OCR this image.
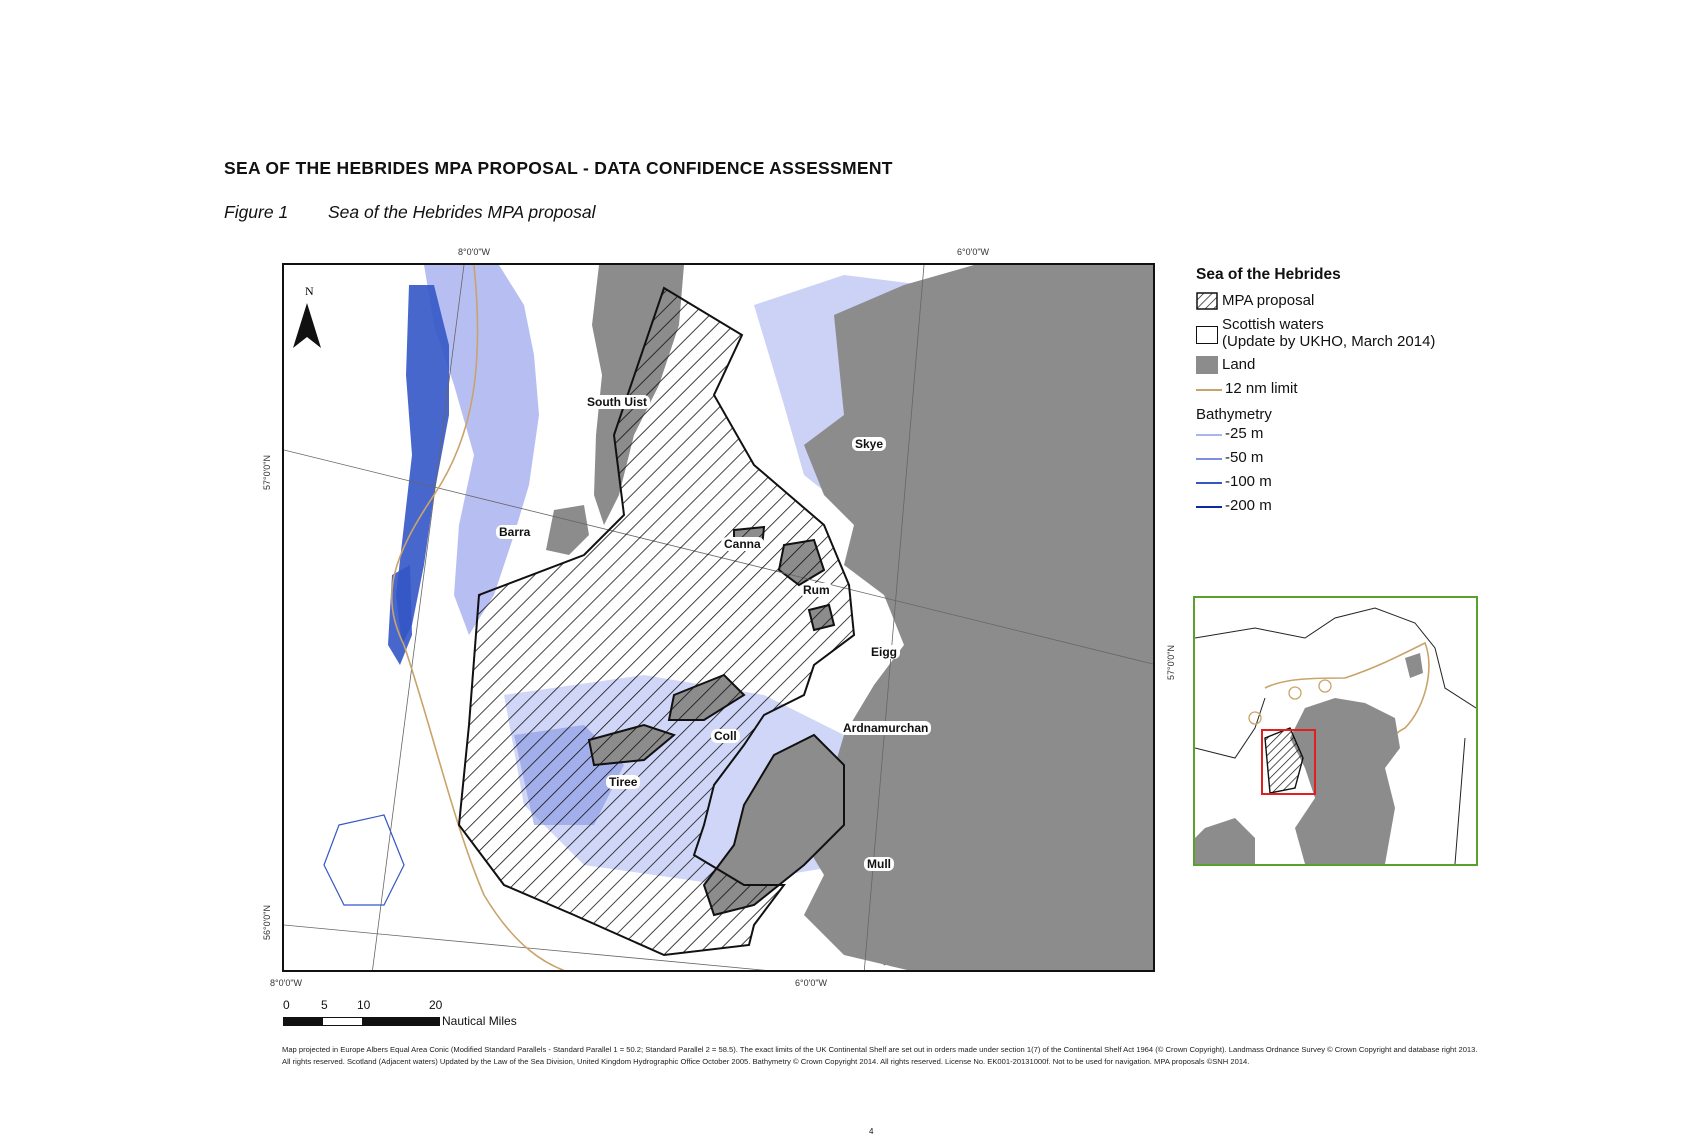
SEA OF THE HEBRIDES MPA PROPOSAL - DATA CONFIDENCE ASSESSMENT
Figure 1 Sea of the Hebrides MPA proposal
8°0'0"W	6°0'0"W
8°0'0"W	6°0'0"W
57°0'0"N
56°0'0"N
57°0'0"N
N
South Uist
Barra
Skye
Canna
Rum
Eigg
Ardnamurchan
Coll
Tiree
Mull
Sea of the Hebrides
MPA proposal
Scottish waters
(Update by UKHO, March 2014)
Land
12 nm limit
Bathymetry
-25 m
-50 m
-100 m
-200 m
0	5 10	20
Nautical Miles
Map projected in Europe Albers Equal Area Conic (Modified Standard Parallels - Standard Parallel 1 = 50.2; Standard Parallel 2 = 58.5). The exact limits of the UK Continental Shelf are set out in orders made under section 1(7) of the Continental Shelf Act 1964 (© Crown Copyright). Landmass Ordnance Survey © Crown Copyright and database right 2013. All rights reserved. Scotland (Adjacent waters) Updated by the Law of the Sea Division, United Kingdom Hydrographic Office October 2005. Bathymetry © Crown Copyright 2014. All rights reserved. License No. EK001-20131000f. Not to be used for navigation. MPA proposals ©SNH 2014.
4
